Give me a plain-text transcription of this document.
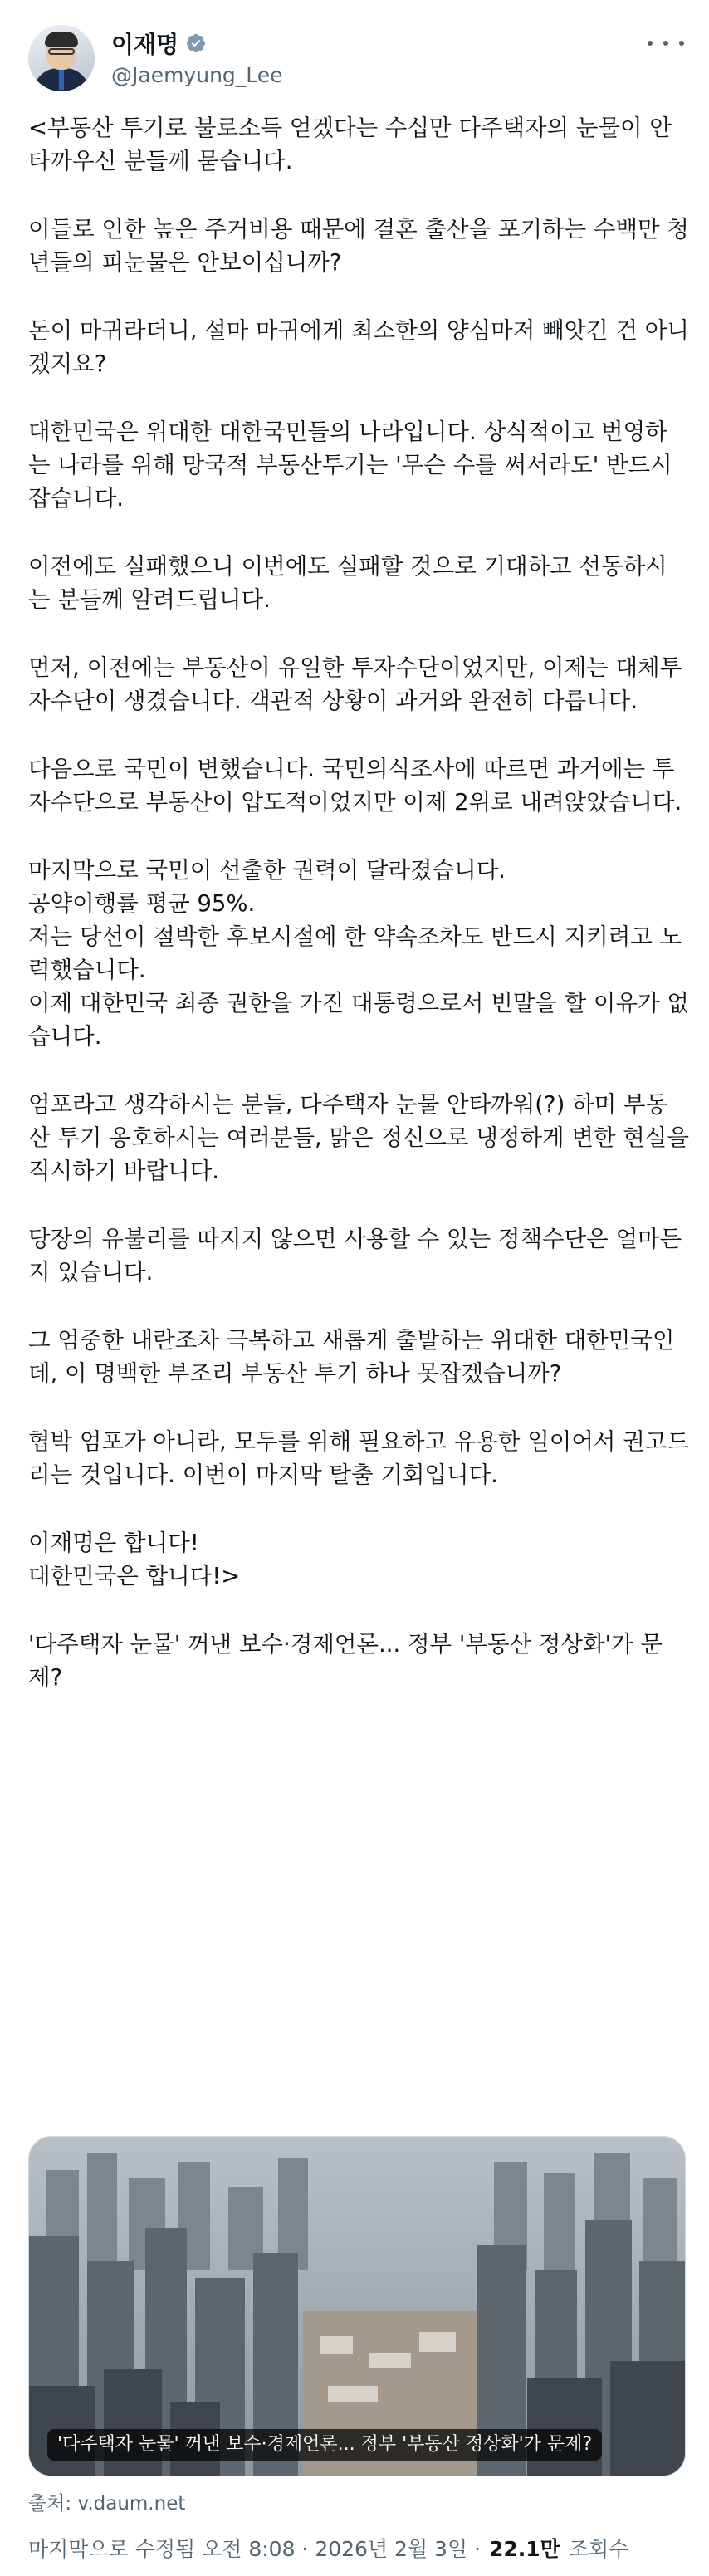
이재명
@Jaemyung_Lee

<부동산 투기로 불로소득 얻겠다는 수십만 다주택자의 눈물이 안타까우신 분들께 묻습니다.

이들로 인한 높은 주거비용 때문에 결혼 출산을 포기하는 수백만 청년들의 피눈물은 안보이십니까?

돈이 마귀라더니, 설마 마귀에게 최소한의 양심마저 빼앗긴 건 아니겠지요?

대한민국은 위대한 대한국민들의 나라입니다. 상식적이고 번영하는 나라를 위해 망국적 부동산투기는 '무슨 수를 써서라도' 반드시 잡습니다.

이전에도 실패했으니 이번에도 실패할 것으로 기대하고 선동하시는 분들께 알려드립니다.

먼저, 이전에는 부동산이 유일한 투자수단이었지만, 이제는 대체투자수단이 생겼습니다. 객관적 상황이 과거와 완전히 다릅니다.

다음으로 국민이 변했습니다. 국민의식조사에 따르면 과거에는 투자수단으로 부동산이 압도적이었지만 이제 2위로 내려앉았습니다.

마지막으로 국민이 선출한 권력이 달라졌습니다.
공약이행률 평균 95%.
저는 당선이 절박한 후보시절에 한 약속조차도 반드시 지키려고 노력했습니다.
이제 대한민국 최종 권한을 가진 대통령으로서 빈말을 할 이유가 없습니다.

엄포라고 생각하시는 분들, 다주택자 눈물 안타까워(?) 하며 부동산 투기 옹호하시는 여러분들, 맑은 정신으로 냉정하게 변한 현실을 직시하기 바랍니다.

당장의 유불리를 따지지 않으면 사용할 수 있는 정책수단은 얼마든지 있습니다.

그 엄중한 내란조차 극복하고 새롭게 출발하는 위대한 대한민국인데, 이 명백한 부조리 부동산 투기 하나 못잡겠습니까?

협박 엄포가 아니라, 모두를 위해 필요하고 유용한 일이어서 권고드리는 것입니다. 이번이 마지막 탈출 기회입니다.

이재명은 합니다!
대한민국은 합니다!>

'다주택자 눈물' 꺼낸 보수·경제언론... 정부 '부동산 정상화'가 문제?

'다주택자 눈물' 꺼낸 보수·경제언론... 정부 '부동산 정상화'가 문제?
출처: v.daum.net
마지막으로 수정됨 오전 8:08 · 2026년 2월 3일 · 22.1만 조회수
